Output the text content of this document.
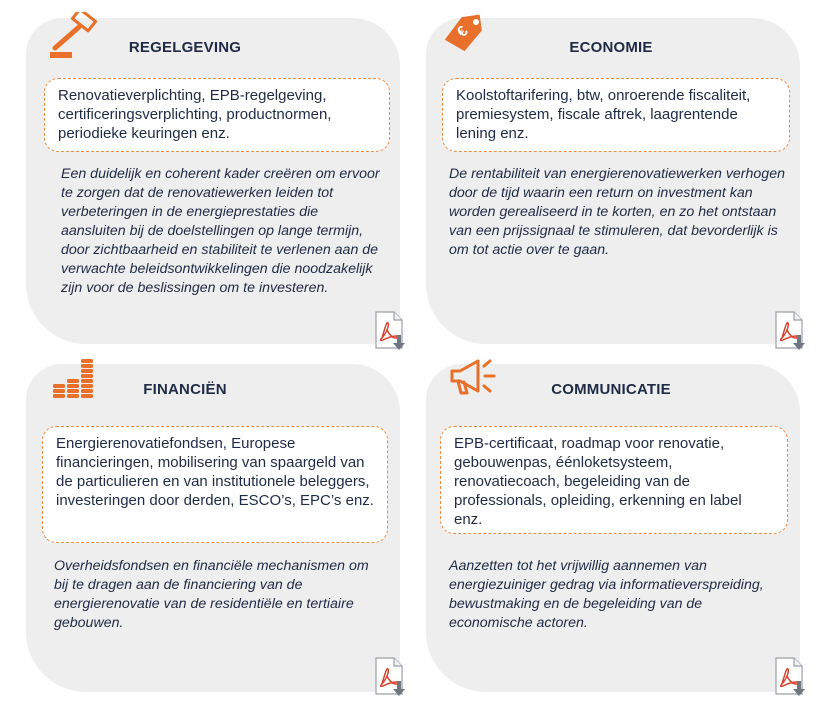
REGELGEVING
Renovatieverplichting, EPB-regelgeving, certificeringsverplichting, productnormen, periodieke keuringen enz.
Een duidelijk en coherent kader creëren om ervoor te zorgen dat de renovatiewerken leiden tot verbeteringen in de energieprestaties die aansluiten bij de doelstellingen op lange termijn, door zichtbaarheid en stabiliteit te verlenen aan de verwachte beleidsontwikkelingen die noodzakelijk zijn voor de beslissingen om te investeren.
€
ECONOMIE
Koolstoftarifering, btw, onroerende fiscaliteit, premiesystem, fiscale aftrek, laagrentende lening enz.
De rentabiliteit van energierenovatiewerken verhogen door de tijd waarin een return on investment kan worden gerealiseerd in te korten, en zo het ontstaan van een prijssignaal te stimuleren, dat bevorderlijk is om tot actie over te gaan.
FINANCIËN
Energierenovatiefondsen, Europese financieringen, mobilisering van spaargeld van de particulieren en van institutionele beleggers, investeringen door derden, ESCO’s, EPC’s enz.
Overheidsfondsen en financiële mechanismen om bij te dragen aan de financiering van de energierenovatie van de residentiële en tertiaire gebouwen.
COMMUNICATIE
EPB-certificaat, roadmap voor renovatie, gebouwenpas, éénloketsysteem, renovatiecoach, begeleiding van de professionals, opleiding, erkenning en label enz.
Aanzetten tot het vrijwillig aannemen van energiezuiniger gedrag via informatieverspreiding, bewustmaking en de begeleiding van de economische actoren.
